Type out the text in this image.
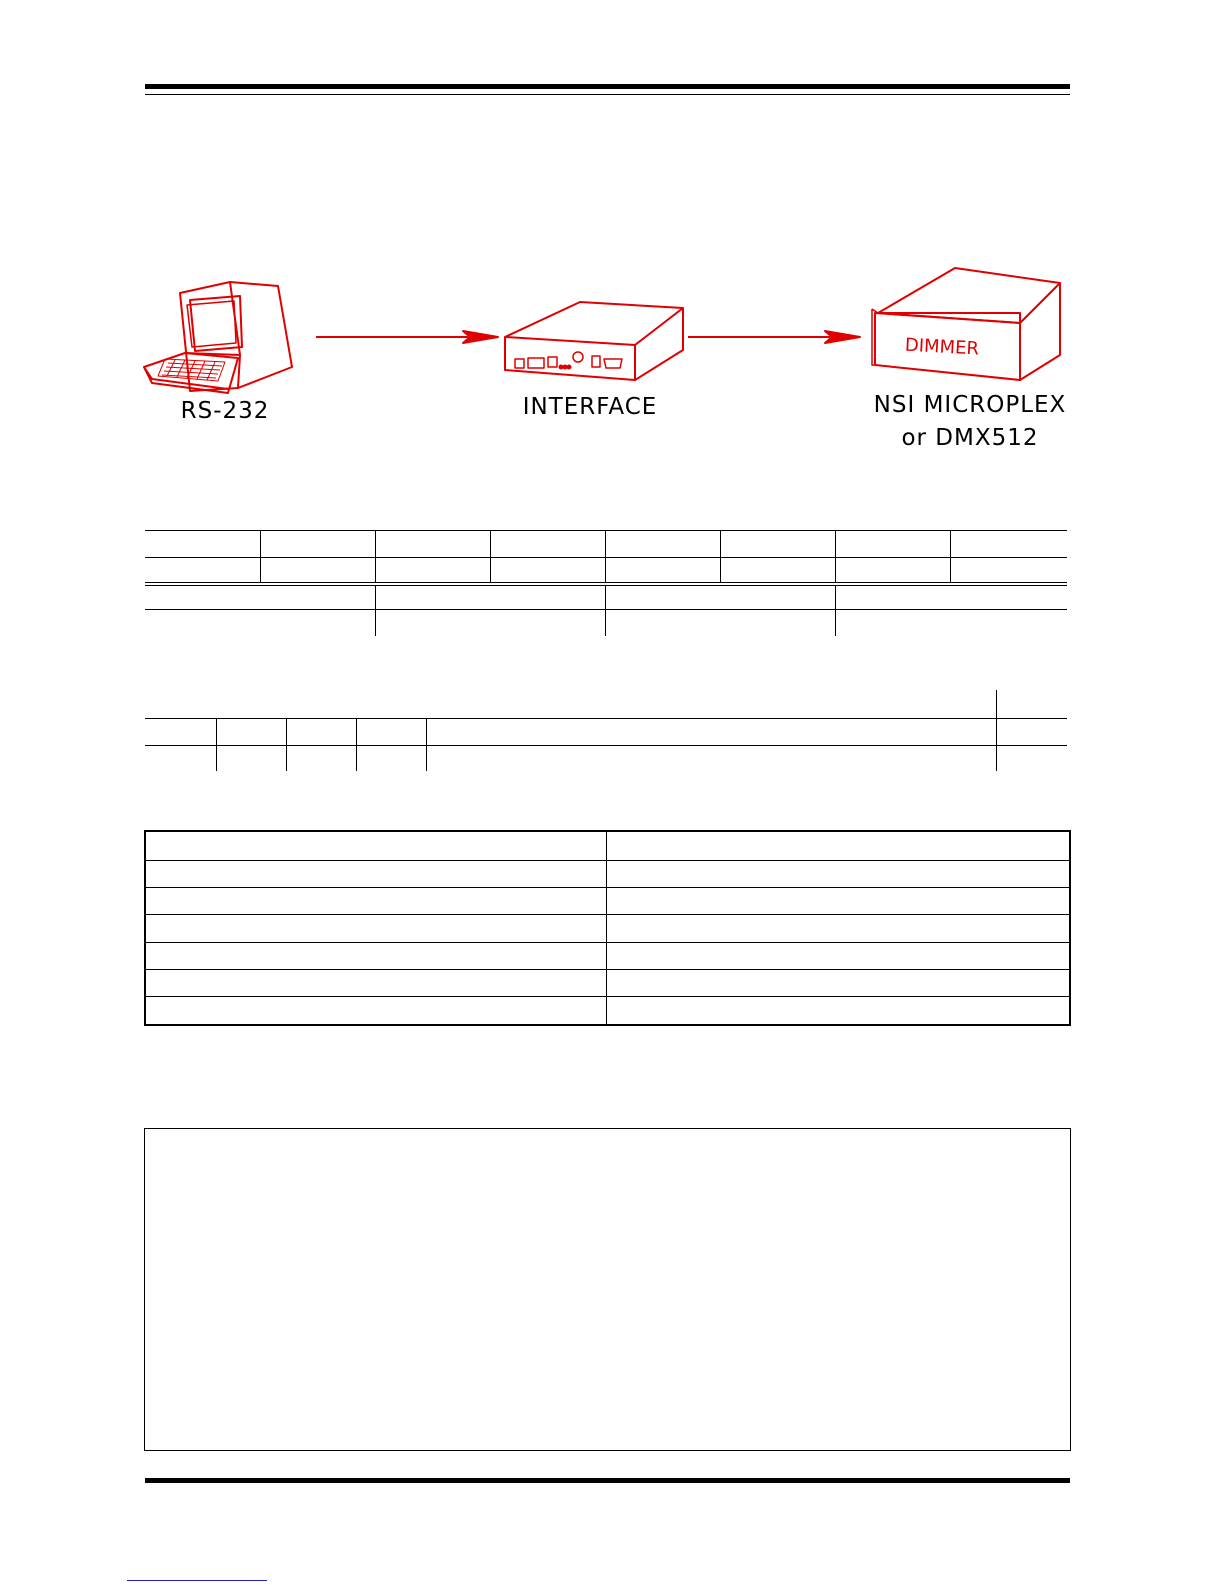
DIMMER
RS-232	INTERFACE	NSI MICROPLEX
or DMX512
